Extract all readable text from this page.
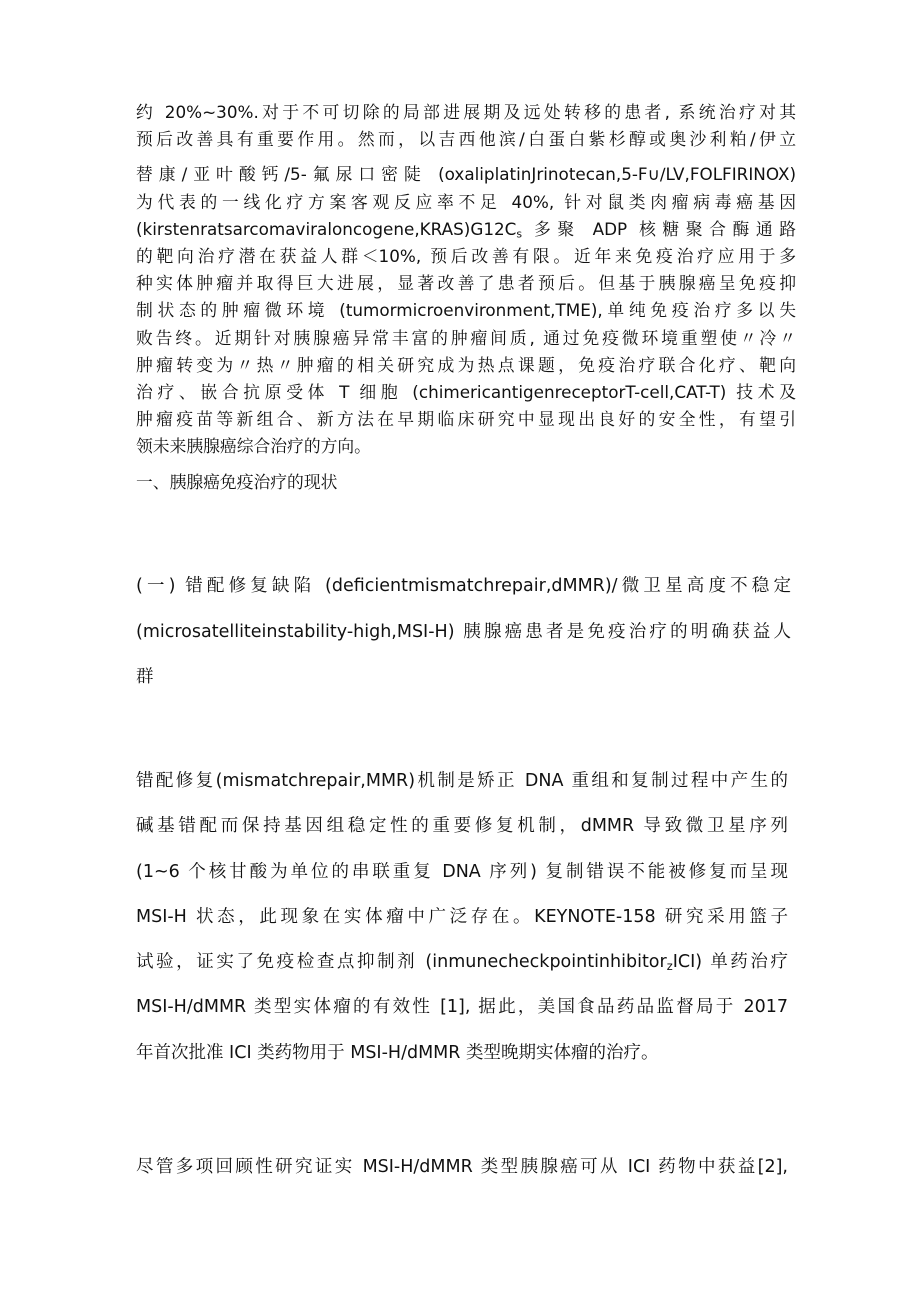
约 20%~30%.对于不可切除的局部进展期及远处转移的患者, 系统治疗对其
预后改善具有重要作用。然而，以吉西他滨/白蛋白紫杉醇或奥沙利粕/伊立
替康/亚叶酸钙/5-氟尿口密陡 (oxaliplatinJrinotecan,5-F∪∕LV,FOLFIRINOX)
为代表的一线化疗方案客观反应率不足 40%, 针对鼠类肉瘤病毒癌基因
$(kirstenratsarcomaviraloncogene,KRAS)G12C_s$ 多聚 ADP 核糖聚合酶通路
的靶向治疗潜在获益人群＜10%, 预后改善有限。近年来免疫治疗应用于多
种实体肿瘤并取得巨大进展，显著改善了患者预后。但基于胰腺癌呈免疫抑
制状态的肿瘤微环境 (tumormicroenvironment,TME),单纯免疫治疗多以失
败告终。近期针对胰腺癌异常丰富的肿瘤间质, 通过免疫微环境重塑使〃冷〃
肿瘤转变为〃热〃肿瘤的相关研究成为热点课题，免疫治疗联合化疗、靶向
治疗、嵌合抗原受体 T 细胞 (chimericantigenreceptorT-cell,CAT-T) 技术及
肿瘤疫苗等新组合、新方法在早期临床研究中显现出良好的安全性，有望引
领未来胰腺癌综合治疗的方向。

一、胰腺癌免疫治疗的现状

(一) 错配修复缺陷 (deficientmismatchrepair,dMMR)/微卫星高度不稳定
(microsatelliteinstability-high,MSI-H) 胰腺癌患者是免疫治疗的明确获益人
群

错配修复(mismatchrepair,MMR)机制是矫正 DNA 重组和复制过程中产生的
碱基错配而保持基因组稳定性的重要修复机制，dMMR 导致微卫星序列
(1~6 个核甘酸为单位的串联重复 DNA 序列) 复制错误不能被修复而呈现
MSI-H 状态，此现象在实体瘤中广泛存在。KEYNOTE-158 研究采用篮子
试验，证实了免疫检查点抑制剂 (inmunecheckpointinhibitor$_z$ICI) 单药治疗
MSI-H/dMMR 类型实体瘤的有效性 [1], 据此，美国食品药品监督局于 2017
年首次批准 ICI 类药物用于 MSI-H/dMMR 类型晚期实体瘤的治疗。

尽管多项回顾性研究证实 MSI-H/dMMR 类型胰腺癌可从 ICI 药物中获益[2],
